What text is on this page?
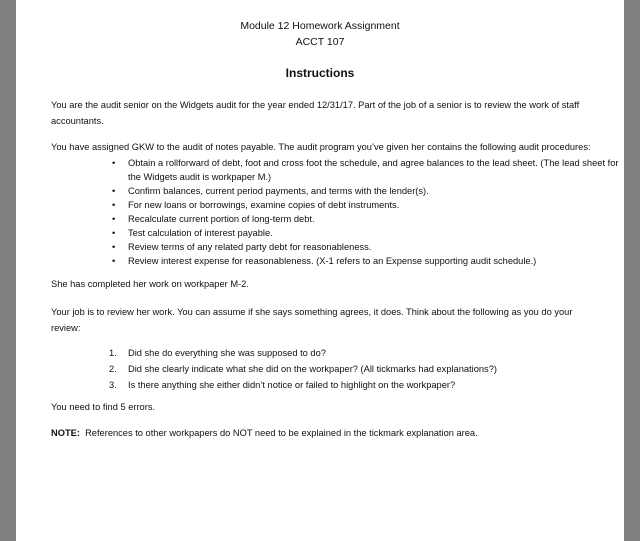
Module 12 Homework Assignment
ACCT 107
Instructions
You are the audit senior on the Widgets audit for the year ended 12/31/17. Part of the job of a senior is to review the work of staff accountants.
You have assigned GKW to the audit of notes payable. The audit program you’ve given her contains the following audit procedures:
• Obtain a rollforward of debt, foot and cross foot the schedule, and agree balances to the lead sheet. (The lead sheet for the Widgets audit is workpaper M.)
• Confirm balances, current period payments, and terms with the lender(s).
• For new loans or borrowings, examine copies of debt instruments.
• Recalculate current portion of long-term debt.
• Test calculation of interest payable.
• Review terms of any related party debt for reasonableness.
• Review interest expense for reasonableness. (X-1 refers to an Expense supporting audit schedule.)
She has completed her work on workpaper M-2.
Your job is to review her work. You can assume if she says something agrees, it does. Think about the following as you do your review:
1. Did she do everything she was supposed to do?
2. Did she clearly indicate what she did on the workpaper? (All tickmarks had explanations?)
3. Is there anything she either didn’t notice or failed to highlight on the workpaper?
You need to find 5 errors.
NOTE:  References to other workpapers do NOT need to be explained in the tickmark explanation area.
